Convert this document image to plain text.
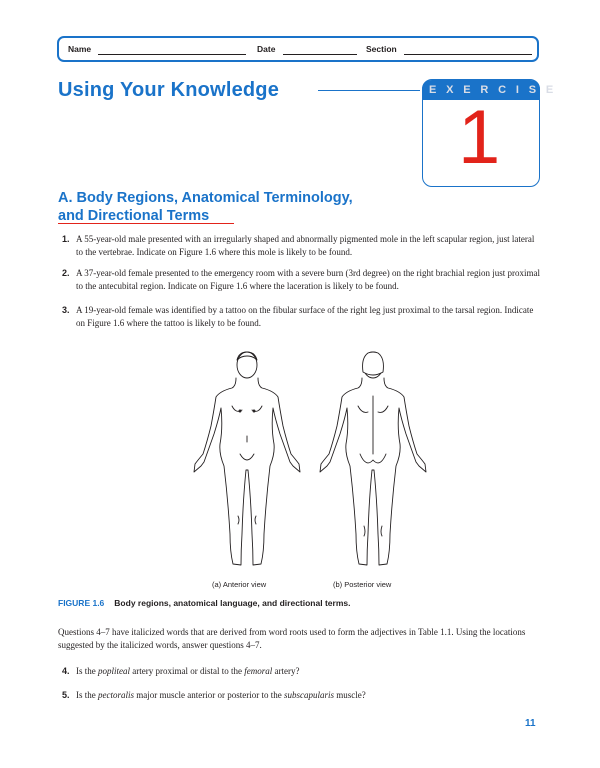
Name	Date	Section
Using Your Knowledge	EXERCISE
1
A. Body Regions, Anatomical Terminology,
and Directional Terms
1. A 55-year-old male presented with an irregularly shaped and abnormally pigmented mole in the left scapular region, just lateral to the vertebrae. Indicate on Figure 1.6 where this mole is likely to be found.
2. A 37-year-old female presented to the emergency room with a severe burn (3rd degree) on the right brachial region just proximal to the antecubital region. Indicate on Figure 1.6 where the laceration is likely to be found.
3. A 19-year-old female was identified by a tattoo on the fibular surface of the right leg just proximal to the tarsal region. Indicate on Figure 1.6 where the tattoo is likely to be found.
(a) Anterior view	(b) Posterior view
FIGURE 1.6 Body regions, anatomical language, and directional terms.
Questions 4–7 have italicized words that are derived from word roots used to form the adjectives in Table 1.1. Using the locations suggested by the italicized words, answer questions 4–7.
4. Is the popliteal artery proximal or distal to the femoral artery?
5. Is the pectoralis major muscle anterior or posterior to the subscapularis muscle?
11
